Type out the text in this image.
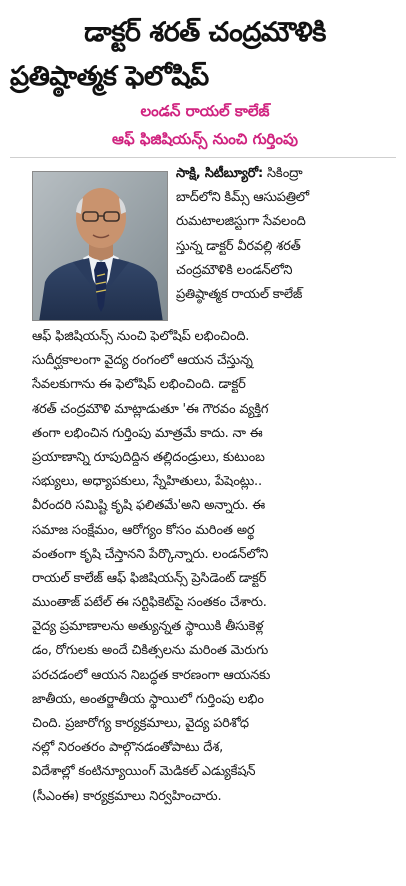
డాక్టర్ శరత్ చంద్రమౌళికి
ప్రతిష్ఠాత్మక ఫెలోషిప్
లండన్ రాయల్ కాలేజ్
ఆఫ్ ఫిజిషియన్స్ నుంచి గుర్తింపు
సాక్షి, సిటీబ్యూరో: సికింద్రా
బాద్‌లోని కిమ్స్ ఆసుపత్రిలో
రుమటాలజిస్టుగా సేవలంది
స్తున్న డాక్టర్ వీరవల్లి శరత్
చంద్రమౌళికి లండన్‌లోని
ప్రతిష్ఠాత్మక రాయల్ కాలేజ్
ఆఫ్ ఫిజిషియన్స్ నుంచి ఫెలోషిప్ లభించింది.
సుదీర్ఘకాలంగా వైద్య రంగంలో ఆయన చేస్తున్న
సేవలకుగాను ఈ ఫెలోషిప్ లభించింది. డాక్టర్
శరత్ చంద్రమౌళి మాట్లాడుతూ 'ఈ గౌరవం వ్యక్తిగ
తంగా లభించిన గుర్తింపు మాత్రమే కాదు. నా ఈ
ప్రయాణాన్ని రూపుదిద్దిన తల్లిదండ్రులు, కుటుంబ
సభ్యులు, అధ్యాపకులు, స్నేహితులు, పేషెంట్లు..
వీరందరి సమిష్టి కృషి ఫలితమే'అని అన్నారు. ఈ
సమాజ సంక్షేమం, ఆరోగ్యం కోసం మరింత అర్థ
వంతంగా కృషి చేస్తానని పేర్కొన్నారు. లండన్‌లోని
రాయల్ కాలేజ్ ఆఫ్ ఫిజిషియన్స్ ప్రెసిడెంట్ డాక్టర్
ముంతాజ్ పటేల్ ఈ సర్టిఫికెట్‌పై సంతకం చేశారు.
వైద్య ప్రమాణాలను అత్యున్నత స్థాయికి తీసుకెళ్ల
డం, రోగులకు అందే చికిత్సలను మరింత మెరుగు
పరచడంలో ఆయన నిబద్ధత కారణంగా ఆయనకు
జాతీయ, అంతర్జాతీయ స్థాయిలో గుర్తింపు లభిం
చింది. ప్రజారోగ్య కార్యక్రమాలు, వైద్య పరిశోధ
నల్లో నిరంతరం పాల్గొనడంతోపాటు దేశ,
విదేశాల్లో కంటిన్యూయింగ్ మెడికల్ ఎడ్యుకేషన్
(సీఎంఈ) కార్యక్రమాలు నిర్వహించారు.
